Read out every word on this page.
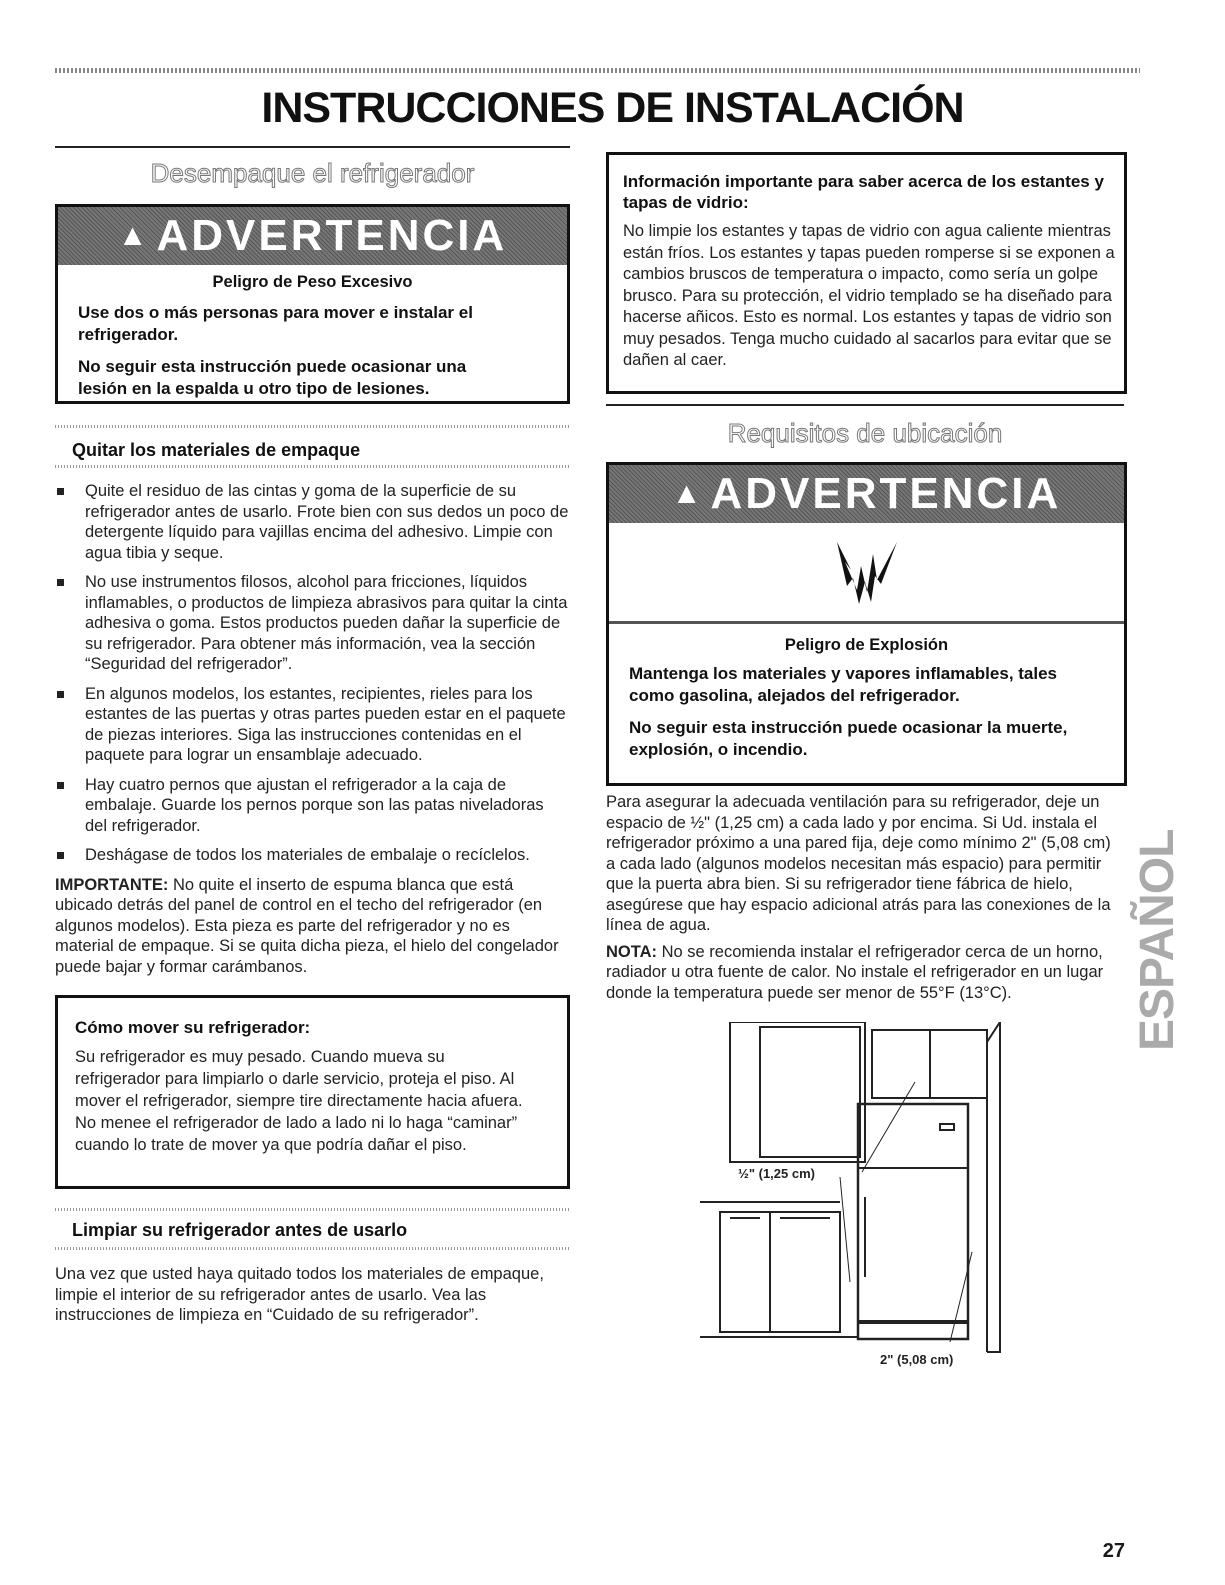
INSTRUCCIONES DE INSTALACIÓN
Desempaque el refrigerador
▲ ADVERTENCIA
Peligro de Peso Excesivo
Use dos o más personas para mover e instalar el refrigerador.
No seguir esta instrucción puede ocasionar una lesión en la espalda u otro tipo de lesiones.
Quitar los materiales de empaque
Quite el residuo de las cintas y goma de la superficie de su refrigerador antes de usarlo. Frote bien con sus dedos un poco de detergente líquido para vajillas encima del adhesivo. Limpie con agua tibia y seque.
No use instrumentos filosos, alcohol para fricciones, líquidos inflamables, o productos de limpieza abrasivos para quitar la cinta adhesiva o goma. Estos productos pueden dañar la superficie de su refrigerador. Para obtener más información, vea la sección “Seguridad del refrigerador”.
En algunos modelos, los estantes, recipientes, rieles para los estantes de las puertas y otras partes pueden estar en el paquete de piezas interiores. Siga las instrucciones contenidas en el paquete para lograr un ensamblaje adecuado.
Hay cuatro pernos que ajustan el refrigerador a la caja de embalaje. Guarde los pernos porque son las patas niveladoras del refrigerador.
Deshágase de todos los materiales de embalaje o recíclelos.
IMPORTANTE: No quite el inserto de espuma blanca que está ubicado detrás del panel de control en el techo del refrigerador (en algunos modelos). Esta pieza es parte del refrigerador y no es material de empaque. Si se quita dicha pieza, el hielo del congelador puede bajar y formar carámbanos.
Cómo mover su refrigerador:
Su refrigerador es muy pesado. Cuando mueva su refrigerador para limpiarlo o darle servicio, proteja el piso. Al mover el refrigerador, siempre tire directamente hacia afuera. No menee el refrigerador de lado a lado ni lo haga “caminar” cuando lo trate de mover ya que podría dañar el piso.
Limpiar su refrigerador antes de usarlo
Una vez que usted haya quitado todos los materiales de empaque, limpie el interior de su refrigerador antes de usarlo. Vea las instrucciones de limpieza en “Cuidado de su refrigerador”.
Información importante para saber acerca de los estantes y tapas de vidrio:
No limpie los estantes y tapas de vidrio con agua caliente mientras están fríos. Los estantes y tapas pueden romperse si se exponen a cambios bruscos de temperatura o impacto, como sería un golpe brusco. Para su protección, el vidrio templado se ha diseñado para hacerse añicos. Esto es normal. Los estantes y tapas de vidrio son muy pesados. Tenga mucho cuidado al sacarlos para evitar que se dañen al caer.
Requisitos de ubicación
▲ ADVERTENCIA
Peligro de Explosión
Mantenga los materiales y vapores inflamables, tales como gasolina, alejados del refrigerador.
No seguir esta instrucción puede ocasionar la muerte, explosión, o incendio.
Para asegurar la adecuada ventilación para su refrigerador, deje un espacio de ½" (1,25 cm) a cada lado y por encima. Si Ud. instala el refrigerador próximo a una pared fija, deje como mínimo 2" (5,08 cm) a cada lado (algunos modelos necesitan más espacio) para permitir que la puerta abra bien. Si su refrigerador tiene fábrica de hielo, asegúrese que hay espacio adicional atrás para las conexiones de la línea de agua.
NOTA: No se recomienda instalar el refrigerador cerca de un horno, radiador u otra fuente de calor. No instale el refrigerador en un lugar donde la temperatura puede ser menor de 55°F (13°C).
½" (1,25 cm)
2" (5,08 cm)
ESPAÑOL
27
